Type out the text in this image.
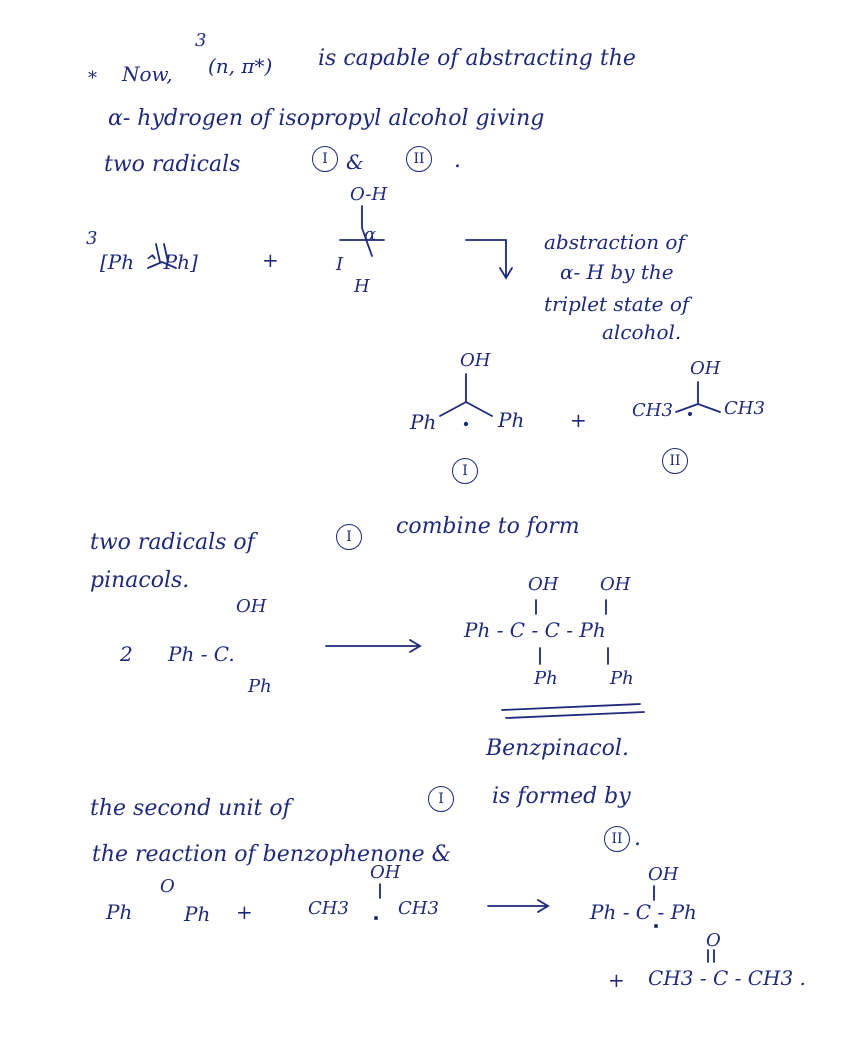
* Now,
3
(n, π*) is capable of abstracting the
α- hydrogen of isopropyl alcohol giving
two radicals	I &	II	.
3
[Ph ⌃ Ph]	+
O-H
α
I
H
abstraction of
α- H by the
triplet state of
alcohol.
OH
Ph	Ph +
OH
CH3	CH3
I
II
two radicals of	I	combine to form
pinacols.
2
OH
Ph - C.
Ph
OH OH
Ph - C - C - Ph
Ph	Ph
Benzpinacol.
the second unit of	I	is formed by
the reaction of benzophenone &
II .
Ph
O
Ph +	CH3
OH
CH3
OH
Ph - C - Ph
+
O
CH3 - C - CH3 .
